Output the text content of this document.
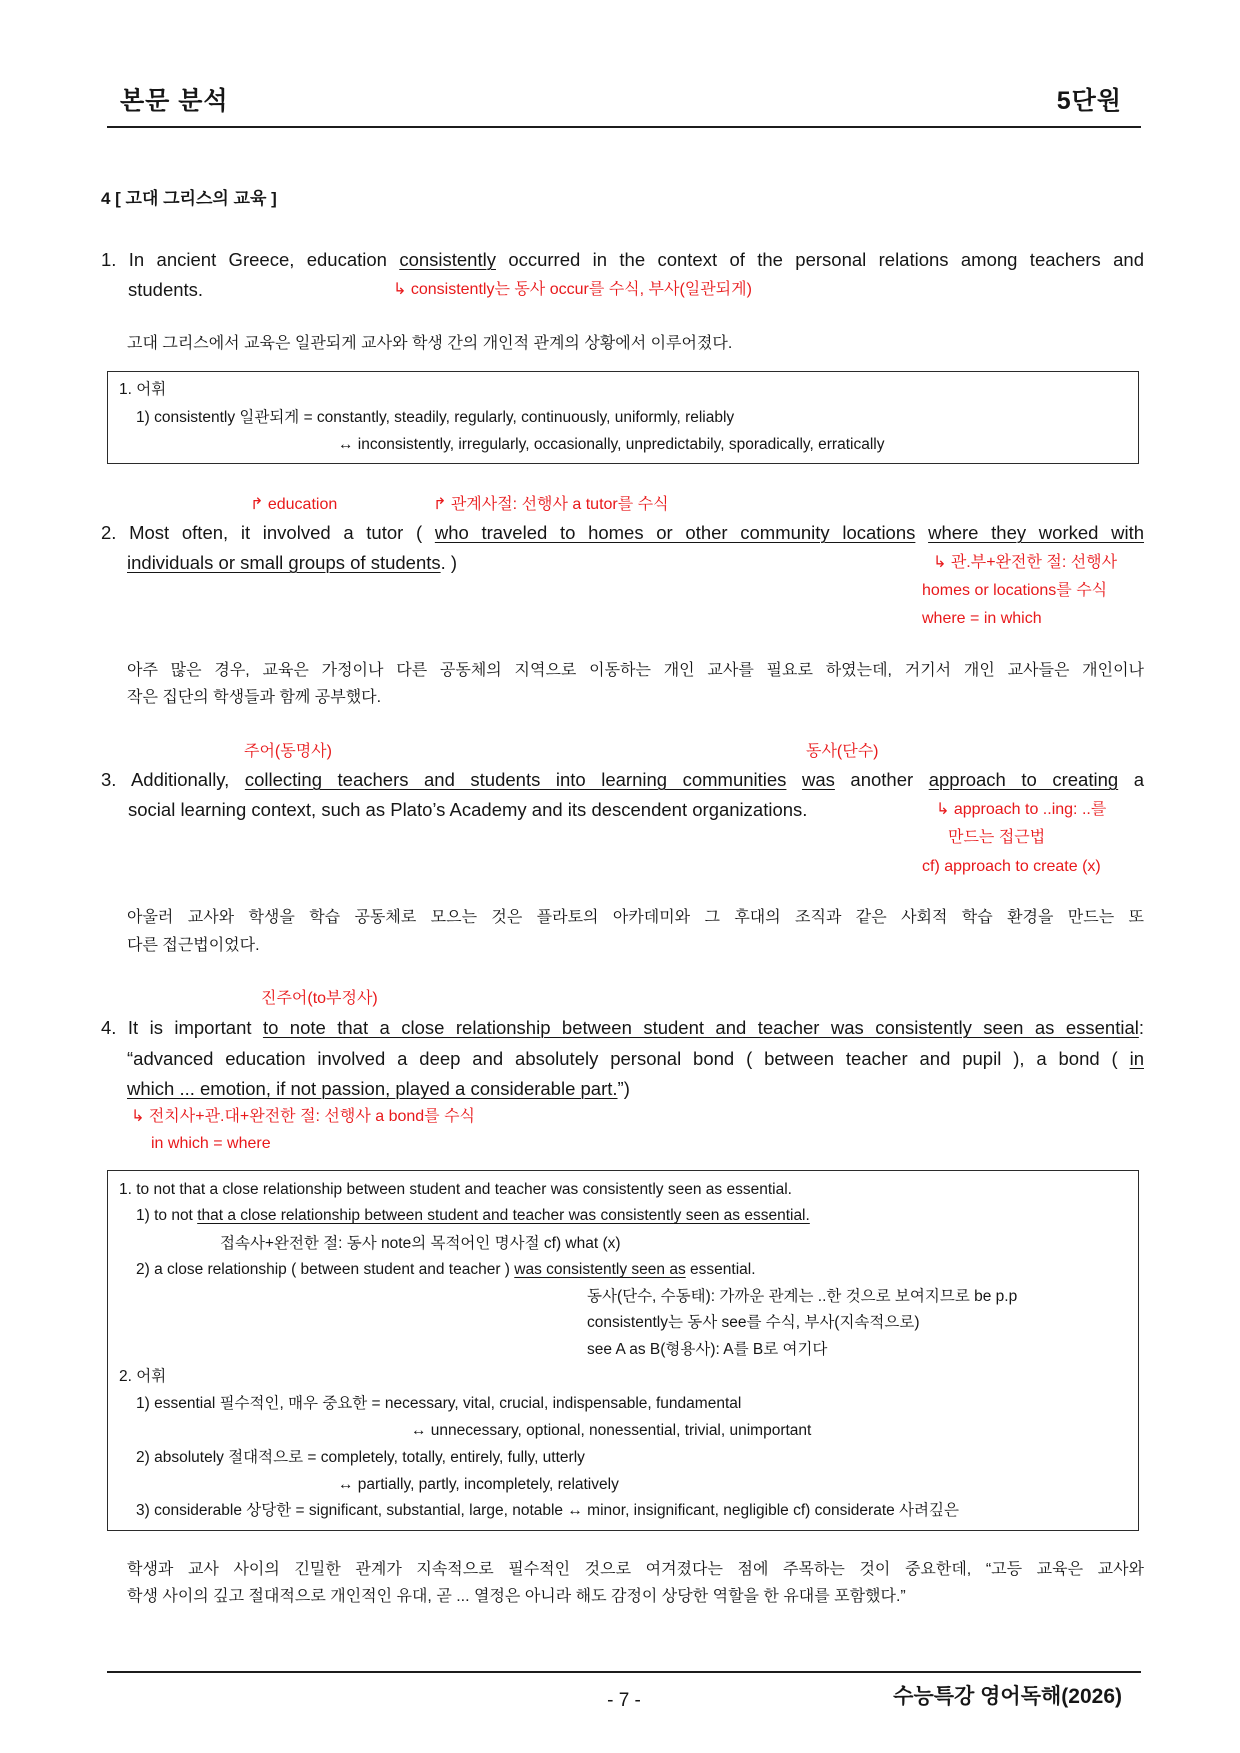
본문 분석	5단원
4 [ 고대 그리스의 교육 ]
1. In ancient Greece, education consistently occurred in the context of the personal relations among teachers and
students.	↳ consistently는 동사 occur를 수식, 부사(일관되게)
고대 그리스에서 교육은 일관되게 교사와 학생 간의 개인적 관계의 상황에서 이루어졌다.
1. 어휘
1) consistently 일관되게 = constantly, steadily, regularly, continuously, uniformly, reliably
↔ inconsistently, irregularly, occasionally, unpredictabily, sporadically, erratically
↱ education	↱ 관계사절: 선행사 a tutor를 수식
2. Most often, it involved a tutor ( who traveled to homes or other community locations where they worked with
individuals or small groups of students. )	↳ 관.부+완전한 절: 선행사
homes or locations를 수식
where = in which
아주 많은 경우, 교육은 가정이나 다른 공동체의 지역으로 이동하는 개인 교사를 필요로 하였는데, 거기서 개인 교사들은 개인이나
작은 집단의 학생들과 함께 공부했다.
주어(동명사)	동사(단수)
3. Additionally, collecting teachers and students into learning communities was another approach to creating a
social learning context, such as Plato’s Academy and its descendent organizations.	↳ approach to ..ing: ..를
만드는 접근법
cf) approach to create (x)
아울러 교사와 학생을 학습 공동체로 모으는 것은 플라토의 아카데미와 그 후대의 조직과 같은 사회적 학습 환경을 만드는 또
다른 접근법이었다.
진주어(to부정사)
4. It is important to note that a close relationship between student and teacher was consistently seen as essential:
“advanced education involved a deep and absolutely personal bond ( between teacher and pupil ), a bond ( in
which ... emotion, if not passion, played a considerable part.”)
↳ 전치사+관.대+완전한 절: 선행사 a bond를 수식
in which = where
1. to not that a close relationship between student and teacher was consistently seen as essential.
1) to not that a close relationship between student and teacher was consistently seen as essential.
접속사+완전한 절: 동사 note의 목적어인 명사절 cf) what (x)
2) a close relationship ( between student and teacher ) was consistently seen as essential.
동사(단수, 수동태): 가까운 관계는 ..한 것으로 보여지므로 be p.p
consistently는 동사 see를 수식, 부사(지속적으로)
see A as B(형용사): A를 B로 여기다
2. 어휘
1) essential 필수적인, 매우 중요한 = necessary, vital, crucial, indispensable, fundamental
↔ unnecessary, optional, nonessential, trivial, unimportant
2) absolutely 절대적으로 = completely, totally, entirely, fully, utterly
↔ partially, partly, incompletely, relatively
3) considerable 상당한 = significant, substantial, large, notable ↔ minor, insignificant, negligible cf) considerate 사려깊은
학생과 교사 사이의 긴밀한 관계가 지속적으로 필수적인 것으로 여겨졌다는 점에 주목하는 것이 중요한데, “고등 교육은 교사와
학생 사이의 깊고 절대적으로 개인적인 유대, 곧 ... 열정은 아니라 해도 감정이 상당한 역할을 한 유대를 포함했다.”
- 7 -	수능특강 영어독해(2026)
